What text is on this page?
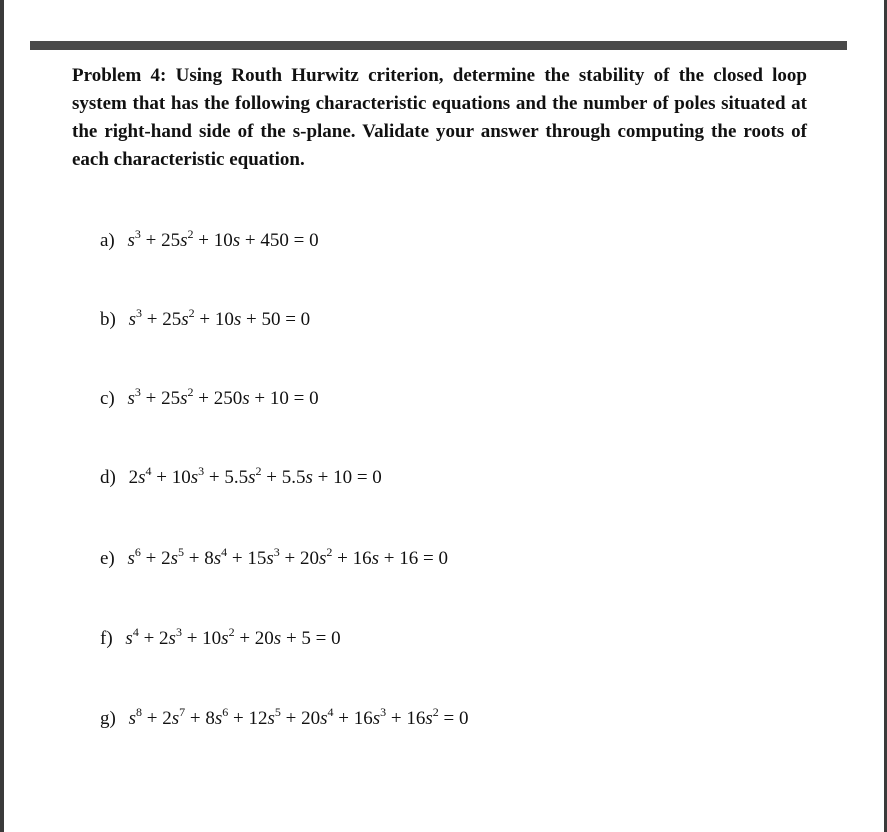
Problem 4: Using Routh Hurwitz criterion, determine the stability of the closed loop system that has the following characteristic equations and the number of poles situated at the right-hand side of the s-plane. Validate your answer through computing the roots of each characteristic equation.
a) $s^3 + 25s^2 + 10s + 450 = 0$
b) $s^3 + 25s^2 + 10s + 50 = 0$
c) $s^3 + 25s^2 + 250s + 10 = 0$
d) $2s^4 + 10s^3 + 5.5s^2 + 5.5s + 10 = 0$
e) $s^6 + 2s^5 + 8s^4 + 15s^3 + 20s^2 + 16s + 16 = 0$
f) $s^4 + 2s^3 + 10s^2 + 20s + 5 = 0$
g) $s^8 + 2s^7 + 8s^6 + 12s^5 + 20s^4 + 16s^3 + 16s^2 = 0$
